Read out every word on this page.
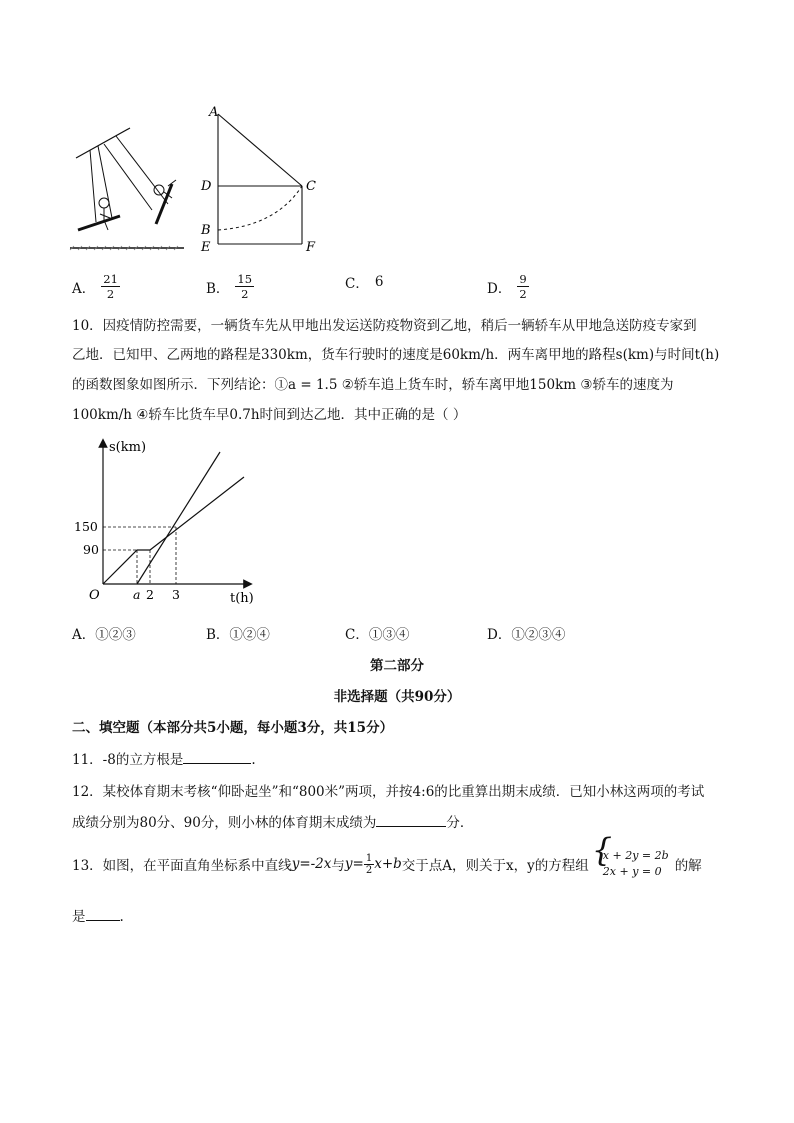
A
D	C
B
E	F
A． $\frac{21}{2}$	B． $\frac{15}{2}$	C． 6	D． $\frac{9}{2}$
10．因疫情防控需要，一辆货车先从甲地出发运送防疫物资到乙地，稍后一辆轿车从甲地急送防疫专家到
乙地．已知甲、乙两地的路程是330km，货车行驶时的速度是60km/h．两车离甲地的路程s(km)与时间t(h)
的函数图象如图所示．下列结论：①a = 1.5 ②轿车追上货车时，轿车离甲地150km ③轿车的速度为
100km/h ④轿车比货车早0.7h时间到达乙地．其中正确的是（ ）
s(km)
t(h)
O
150
90
a 2 3
A．①②③	B．①②④	C．①③④	D．①②③④
第二部分
非选择题（共90分）
二、填空题（本部分共5小题，每小题3分，共15分）
11．-8的立方根是	.
12．某校体育期末考核“仰卧起坐”和“800米”两项，并按4:6的比重算出期末成绩．已知小林这两项的考试
成绩分别为80分、90分，则小林的体育期末成绩为	分．
13．如图，在平面直角坐标系中直线 y=-2x 与 $y= \frac{1}{2} x+b$ 交于点A，则关于x，y的方程组
{ x + 2y = 2b
2x + y = 0 的解
是	.
